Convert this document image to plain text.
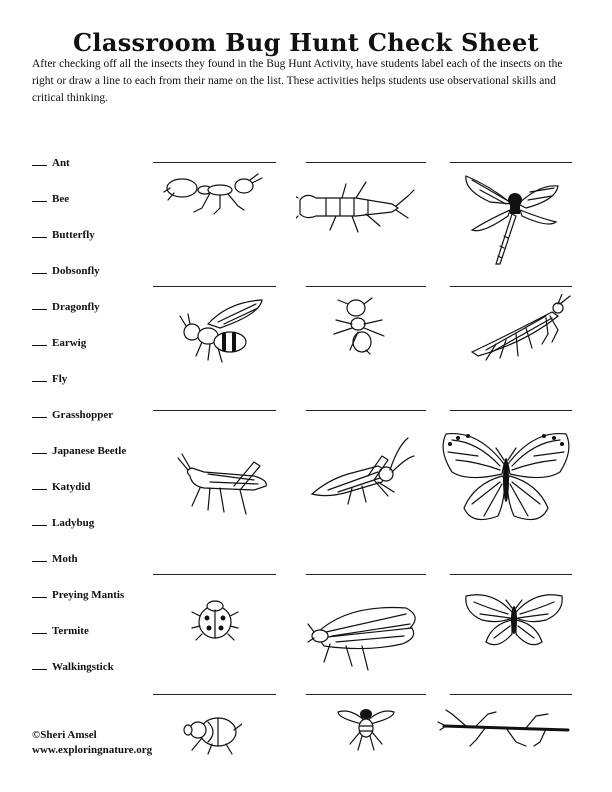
Classroom Bug Hunt Check Sheet
After checking off all the insects they found in the Bug Hunt Activity, have students label each of the insects on the right or draw a line to each from their name on the list. These activities helps students use observational skills and critical thinking.
Ant
Bee
Butterfly
Dobsonfly
Dragonfly
Earwig
Fly
Grasshopper
Japanese Beetle
Katydid
Ladybug
Moth
Preying Mantis
Termite
Walkingstick
©Sheri Amsel
www.exploringnature.org
